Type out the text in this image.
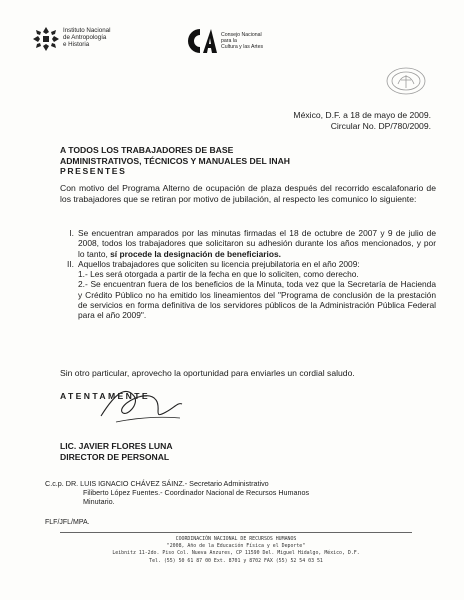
Instituto Nacional
de Antropología
e Historia
Consejo Nacional
para la
Cultura y las Artes
México, D.F. a 18 de mayo de 2009.
Circular No. DP/780/2009.
A TODOS LOS TRABAJADORES DE BASE
ADMINISTRATIVOS, TÉCNICOS Y MANUALES DEL INAH
PRESENTES
Con motivo del Programa Alterno de ocupación de plaza después del recorrido escalafonario de los trabajadores que se retiran por motivo de jubilación, al respecto les comunico lo siguiente:
I. Se encuentran amparados por las minutas firmadas el 18 de octubre de 2007 y 9 de julio de 2008, todos los trabajadores que solicitaron su adhesión durante los años mencionados, y por lo tanto, sí procede la designación de beneficiarios.
II. Aquellos trabajadores que soliciten su licencia prejubilatoria en el año 2009:
1.- Les será otorgada a partir de la fecha en que lo soliciten, como derecho.
2.- Se encuentran fuera de los beneficios de la Minuta, toda vez que la Secretaría de Hacienda y Crédito Público no ha emitido los lineamientos del "Programa de conclusión de la prestación de servicios en forma definitiva de los servidores públicos de la Administración Pública Federal para el año 2009".
Sin otro particular, aprovecho la oportunidad para enviarles un cordial saludo.
ATENTAMENTE
LIC. JAVIER FLORES LUNA
DIRECTOR DE PERSONAL
C.c.p. DR. LUIS IGNACIO CHÁVEZ SÁINZ.- Secretario Administrativo
Filiberto López Fuentes.- Coordinador Nacional de Recursos Humanos
Minutario.
FLF/JFL/MPA.
COORDINACIÓN NACIONAL DE RECURSOS HUMANOS
"2008, Año de la Educación Física y el Deporte"
Leibnitz 11-2do. Piso Col. Nueva Anzures, CP 11590 Del. Miguel Hidalgo, México, D.F.
Tel. (55) 50 61 87 00 Ext. 8701 y 8702 FAX (55) 52 54 03 51
